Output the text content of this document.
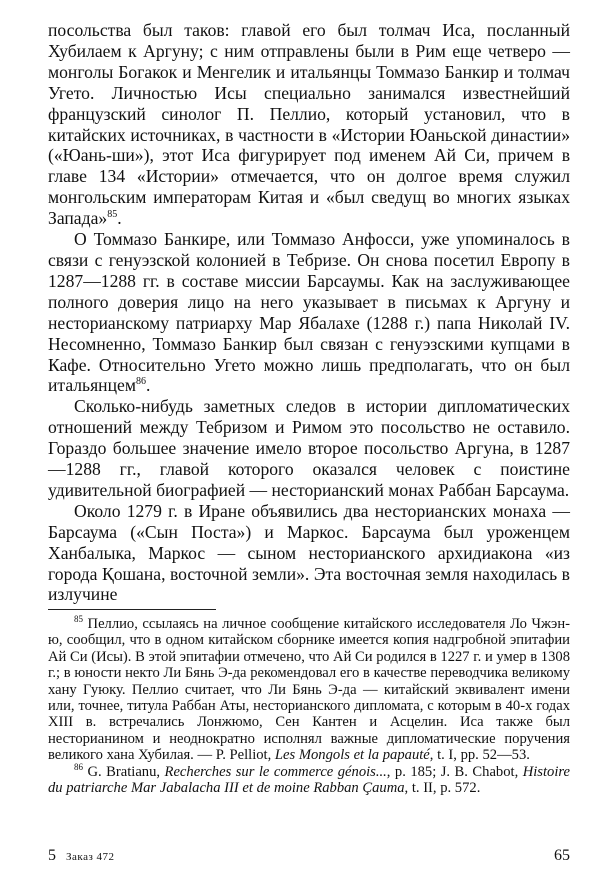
посольства был таков: главой его был толмач Иса, посланный Хубилаем к Аргуну; с ним отправлены были в Рим еще четверо — монголы Богакок и Менгелик и итальянцы Томмазо Банкир и толмач Угето. Личностью Исы специально занимался известнейший французский синолог П. Пеллио, который установил, что в китайских источниках, в частности в «Истории Юаньской династии» («Юань-ши»), этот Иса фигурирует под именем Ай Си, причем в главе 134 «Истории» отмечается, что он долгое время служил монгольским императорам Китая и «был сведущ во многих языках Запада»$^{85}$.

О Томмазо Банкире, или Томмазо Анфосси, уже упоминалось в связи с генуэзской колонией в Тебризе. Он снова посетил Европу в 1287—1288 гг. в составе миссии Барсаумы. Как на заслуживающее полного доверия лицо на него указывает в письмах к Аргуну и несторианскому патриарху Мар Ябалахе (1288 г.) папа Николай IV. Несомненно, Томмазо Банкир был связан с генуэзскими купцами в Кафе. Относительно Угето можно лишь предполагать, что он был итальянцем$^{86}$.

Сколько-нибудь заметных следов в истории дипломатических отношений между Тебризом и Римом это посольство не оставило. Гораздо большее значение имело второе посольство Аргуна, в 1287—1288 гг., главой которого оказался человек с поистине удивительной биографией — несторианский монах Раббан Барсаума.

Около 1279 г. в Иране объявились два несторианских монаха — Барсаума («Сын Поста») и Маркос. Барсаума был уроженцем Ханбалыка, Маркос — сыном несторианского архидиакона «из города Қошана, восточной земли». Эта восточная земля находилась в излучине

$^{85}$ Пеллио, ссылаясь на личное сообщение китайского исследователя Ло Чжэн-ю, сообщил, что в одном китайском сборнике имеется копия надгробной эпитафии Ай Си (Исы). В этой эпитафии отмечено, что Ай Си родился в 1227 г. и умер в 1308 г.; в юности некто Ли Бянь Э-да рекомендовал его в качестве переводчика великому хану Гуюку. Пеллио считает, что Ли Бянь Э-да — китайский эквивалент имени или, точнее, титула Раббан Аты, несторианского дипломата, с которым в 40-х годах XIII в. встречались Лонжюмо, Сен Кантен и Асцелин. Иса также был несторианином и неоднократно исполнял важные дипломатические поручения великого хана Хубилая. — P. Pelliot, Les Mongols et la papauté, t. I, pp. 52—53.

$^{86}$ G. Bratianu, Recherches sur le commerce génois..., p. 185; J. B. Chabot, Histoire du patriarche Mar Jabalacha III et de moine Rabban Çauma, t. II, p. 572.

5 Заказ 472	65
